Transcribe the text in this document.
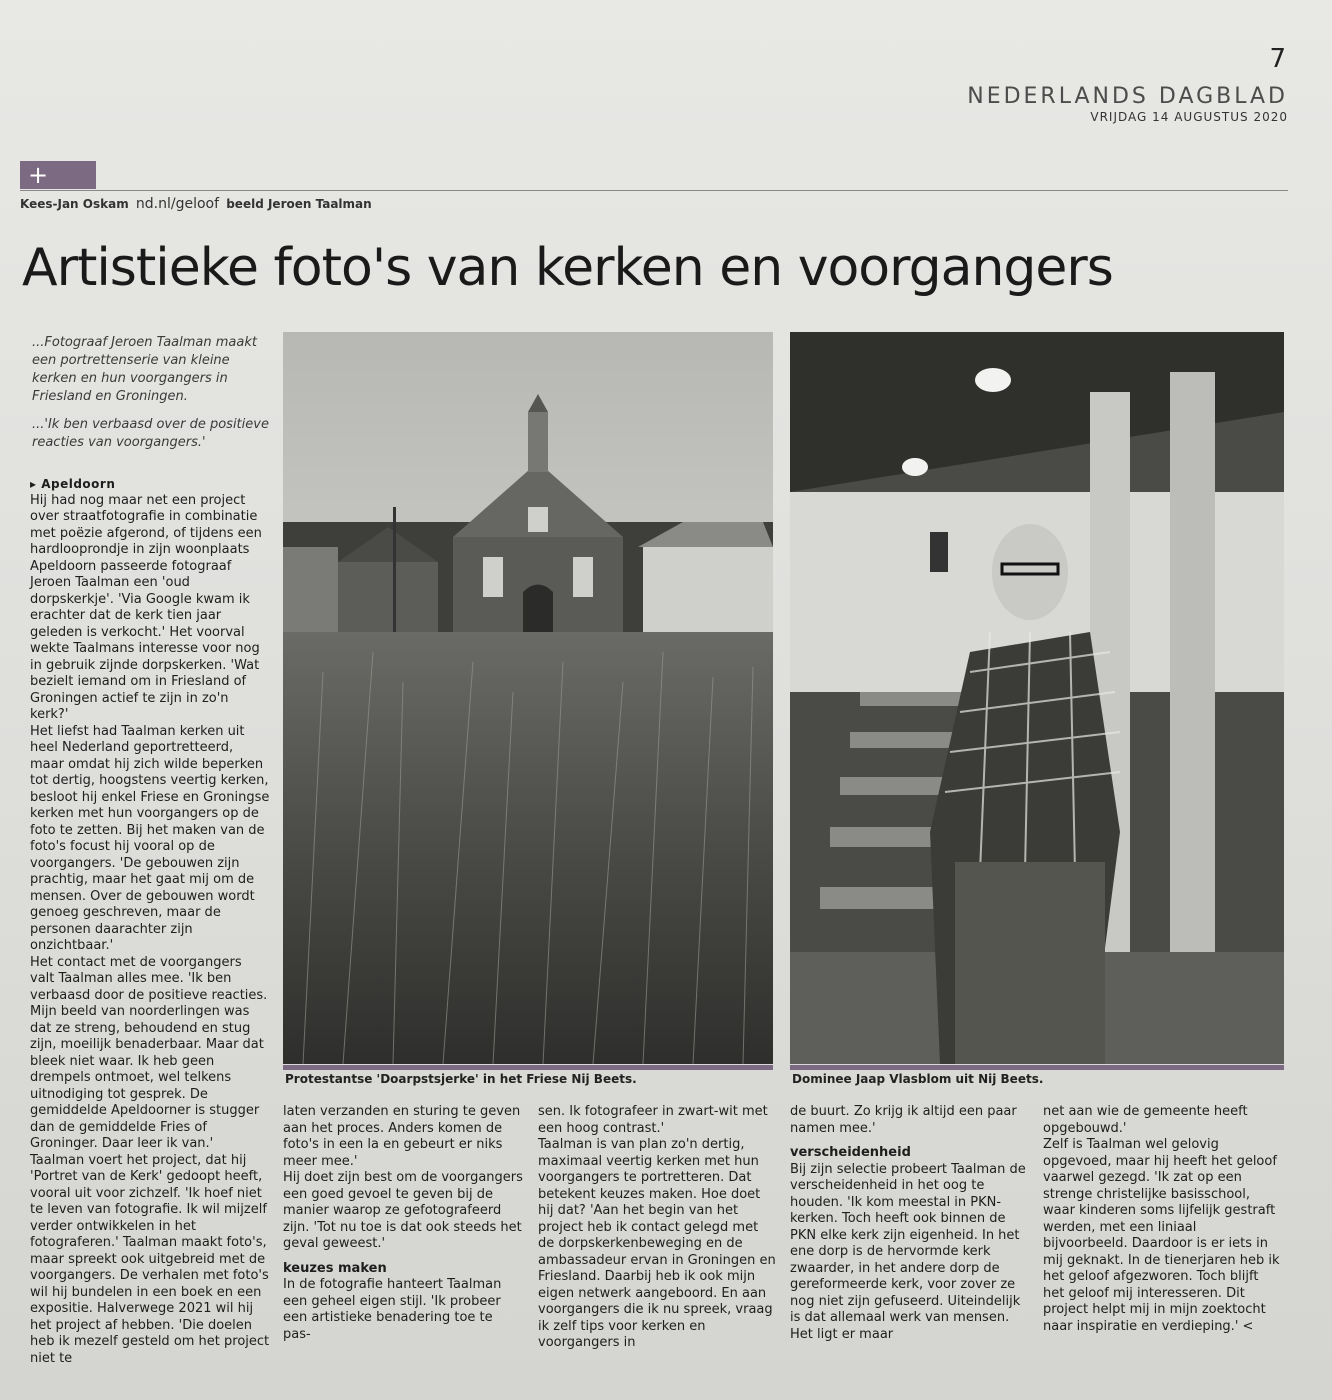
7
NEDERLANDS DAGBLAD
VRIJDAG 14 AUGUSTUS 2020
+
Kees-Jan Oskam nd.nl/geloof beeld Jeroen Taalman
Artistieke foto's van kerken en voorgangers

...Fotograaf Jeroen Taalman maakt een portrettenserie van kleine kerken en hun voorgangers in Friesland en Groningen.

...'Ik ben verbaasd over de positieve reacties van voorgangers.'

▸ Apeldoorn

Hij had nog maar net een project over straatfotografie in combinatie met poëzie afgerond, of tijdens een hardlooprondje in zijn woonplaats Apeldoorn passeerde fotograaf Jeroen Taalman een 'oud dorpskerkje'. 'Via Google kwam ik erachter dat de kerk tien jaar geleden is verkocht.' Het voorval wekte Taalmans interesse voor nog in gebruik zijnde dorpskerken. 'Wat bezielt iemand om in Friesland of Groningen actief te zijn in zo'n kerk?'

Het liefst had Taalman kerken uit heel Nederland geportretteerd, maar omdat hij zich wilde beperken tot dertig, hoogstens veertig kerken, besloot hij enkel Friese en Groningse kerken met hun voorgangers op de foto te zetten. Bij het maken van de foto's focust hij vooral op de voorgangers. 'De gebouwen zijn prachtig, maar het gaat mij om de mensen. Over de gebouwen wordt genoeg geschreven, maar de personen daarachter zijn onzichtbaar.'

Het contact met de voorgangers valt Taalman alles mee. 'Ik ben verbaasd door de positieve reacties. Mijn beeld van noorderlingen was dat ze streng, behoudend en stug zijn, moeilijk benaderbaar. Maar dat bleek niet waar. Ik heb geen drempels ontmoet, wel telkens uitnodiging tot gesprek. De gemiddelde Apeldoorner is stugger dan de gemiddelde Fries of Groninger. Daar leer ik van.'

Taalman voert het project, dat hij 'Portret van de Kerk' gedoopt heeft, vooral uit voor zichzelf. 'Ik hoef niet te leven van fotografie. Ik wil mijzelf verder ontwikkelen in het fotograferen.' Taalman maakt foto's, maar spreekt ook uitgebreid met de voorgangers. De verhalen met foto's wil hij bundelen in een boek en een expositie. Halverwege 2021 wil hij het project af hebben. 'Die doelen heb ik mezelf gesteld om het project niet te

Protestantse 'Doarpstsjerke' in het Friese Nij Beets.	Dominee Jaap Vlasblom uit Nij Beets.

laten verzanden en sturing te geven aan het proces. Anders komen de foto's in een la en gebeurt er niks meer mee.'

Hij doet zijn best om de voorgangers een goed gevoel te geven bij de manier waarop ze gefotografeerd zijn. 'Tot nu toe is dat ook steeds het geval geweest.'

keuzes maken

In de fotografie hanteert Taalman een geheel eigen stijl. 'Ik probeer een artistieke benadering toe te pas-

sen. Ik fotografeer in zwart-wit met een hoog contrast.'

Taalman is van plan zo'n dertig, maximaal veertig kerken met hun voorgangers te portretteren. Dat betekent keuzes maken. Hoe doet hij dat? 'Aan het begin van het project heb ik contact gelegd met de dorpskerkenbeweging en de ambassadeur ervan in Groningen en Friesland. Daarbij heb ik ook mijn eigen netwerk aangeboord. En aan voorgangers die ik nu spreek, vraag ik zelf tips voor kerken en voorgangers in

de buurt. Zo krijg ik altijd een paar namen mee.'

verscheidenheid

Bij zijn selectie probeert Taalman de verscheidenheid in het oog te houden. 'Ik kom meestal in PKN-kerken. Toch heeft ook binnen de PKN elke kerk zijn eigenheid. In het ene dorp is de hervormde kerk zwaarder, in het andere dorp de gereformeerde kerk, voor zover ze nog niet zijn gefuseerd. Uiteindelijk is dat allemaal werk van mensen. Het ligt er maar

net aan wie de gemeente heeft opgebouwd.'

Zelf is Taalman wel gelovig opgevoed, maar hij heeft het geloof vaarwel gezegd. 'Ik zat op een strenge christelijke basisschool, waar kinderen soms lijfelijk gestraft werden, met een liniaal bijvoorbeeld. Daardoor is er iets in mij geknakt. In de tienerjaren heb ik het geloof afgezworen. Toch blijft het geloof mij interesseren. Dit project helpt mij in mijn zoektocht naar inspiratie en verdieping.' <
